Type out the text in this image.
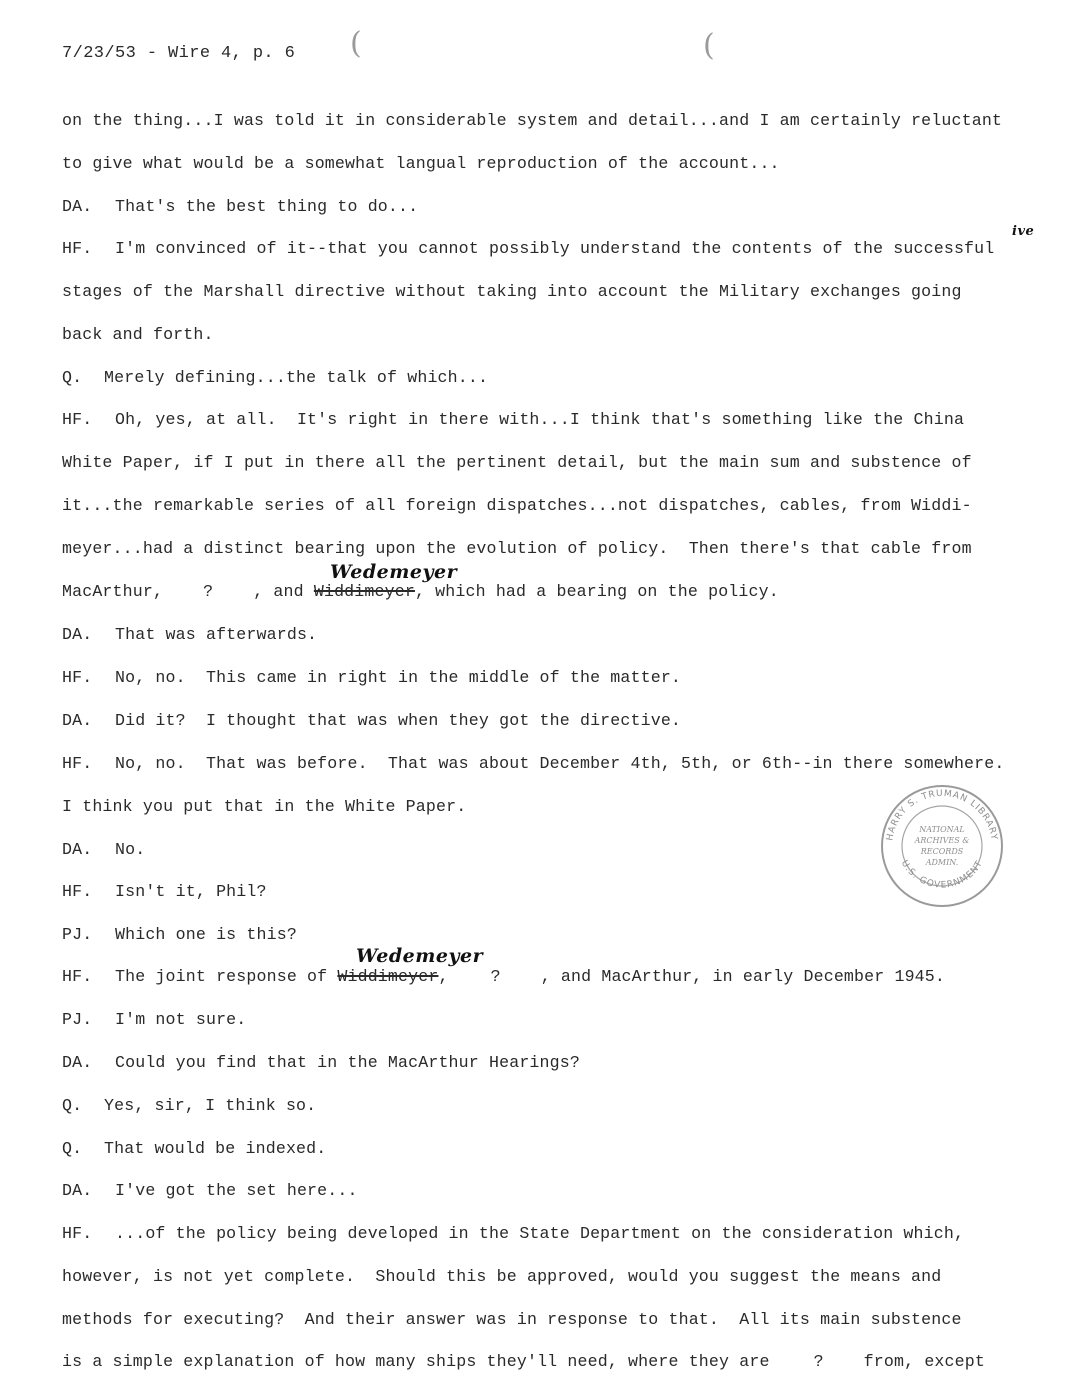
7/23/53 - Wire 4, p. 6 (	(
on the thing...I was told it in considerable system and detail...and I am certainly reluctant
to give what would be a somewhat langual reproduction of the account...
DA. That's the best thing to do...
ive
HF. I'm convinced of it--that you cannot possibly understand the contents of the successful
stages of the Marshall directive without taking into account the Military exchanges going
back and forth.
Q. Merely defining...the talk of which...
HF. Oh, yes, at all.  It's right in there with...I think that's something like the China
White Paper, if I put in there all the pertinent detail, but the main sum and substence of
it...the remarkable series of all foreign dispatches...not dispatches, cables, from Widdi-
meyer...had a distinct bearing upon the evolution of policy.  Then there's that cable from
Wedemeyer
MacArthur, ? , and Widdimeyer, which had a bearing on the policy.
DA. That was afterwards.
HF. No, no.  This came in right in the middle of the matter.
DA. Did it?  I thought that was when they got the directive.
HF. No, no.  That was before.  That was about December 4th, 5th, or 6th--in there somewhere.
I think you put that in the White Paper.
DA. No.
HF. Isn't it, Phil?
PJ. Which one is this?
Wedemeyer
HF. The joint response of Widdimeyer,	? , and MacArthur, in early December 1945.
PJ. I'm not sure.
DA. Could you find that in the MacArthur Hearings?
Q. Yes, sir, I think so.
Q. That would be indexed.
DA. I've got the set here...
HF. ...of the policy being developed in the State Department on the consideration which,
however, is not yet complete.  Should this be approved, would you suggest the means and
methods for executing?  And their answer was in response to that.  All its main substence
is a simple explanation of how many ships they'll need, where they are	? from, except
HARRY S. TRUMAN LIBRARY
U.S. GOVERNMENT
NATIONAL
ARCHIVES &
RECORDS
ADMIN.
